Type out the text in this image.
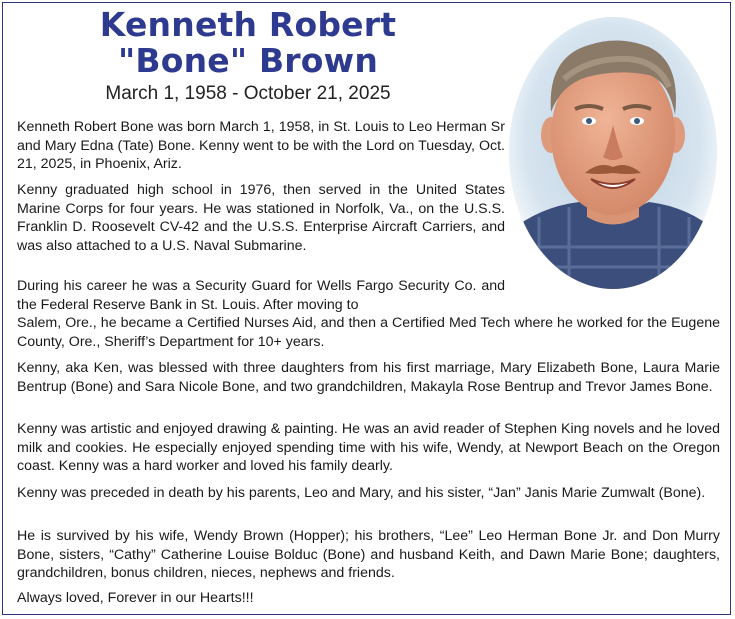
Kenneth Robert
"Bone" Brown
March 1, 1958 - October 21, 2025

Kenneth Robert Bone was born March 1, 1958, in St. Louis to Leo Herman Sr and Mary Edna (Tate) Bone. Kenny went to be with the Lord on Tuesday, Oct. 21, 2025, in Phoenix, Ariz.

Kenny graduated high school in 1976, then served in the United States Marine Corps for four years. He was stationed in Norfolk, Va., on the U.S.S. Franklin D. Roosevelt CV-42 and the U.S.S. Enterprise Aircraft Carriers, and was also attached to a U.S. Naval Submarine.

During his career he was a Security Guard for Wells Fargo Security Co. and the Federal Reserve Bank in St. Louis. After moving to

Salem, Ore., he became a Certified Nurses Aid, and then a Certified Med Tech where he worked for the Eugene County, Ore., Sheriff’s Department for 10+ years.

Kenny, aka Ken, was blessed with three daughters from his first marriage, Mary Elizabeth Bone, Laura Marie Bentrup (Bone) and Sara Nicole Bone, and two grandchildren, Makayla Rose Bentrup and Trevor James Bone.

Kenny was artistic and enjoyed drawing & painting. He was an avid reader of Stephen King novels and he loved milk and cookies. He especially enjoyed spending time with his wife, Wendy, at Newport Beach on the Oregon coast. Kenny was a hard worker and loved his family dearly.

Kenny was preceded in death by his parents, Leo and Mary, and his sister, “Jan” Janis Marie Zumwalt (Bone).

He is survived by his wife, Wendy Brown (Hopper); his brothers, “Lee” Leo Herman Bone Jr. and Don Murry Bone, sisters, “Cathy” Catherine Louise Bolduc (Bone) and husband Keith, and Dawn Marie Bone; daughters, grandchildren, bonus children, nieces, nephews and friends.

Always loved, Forever in our Hearts!!!
